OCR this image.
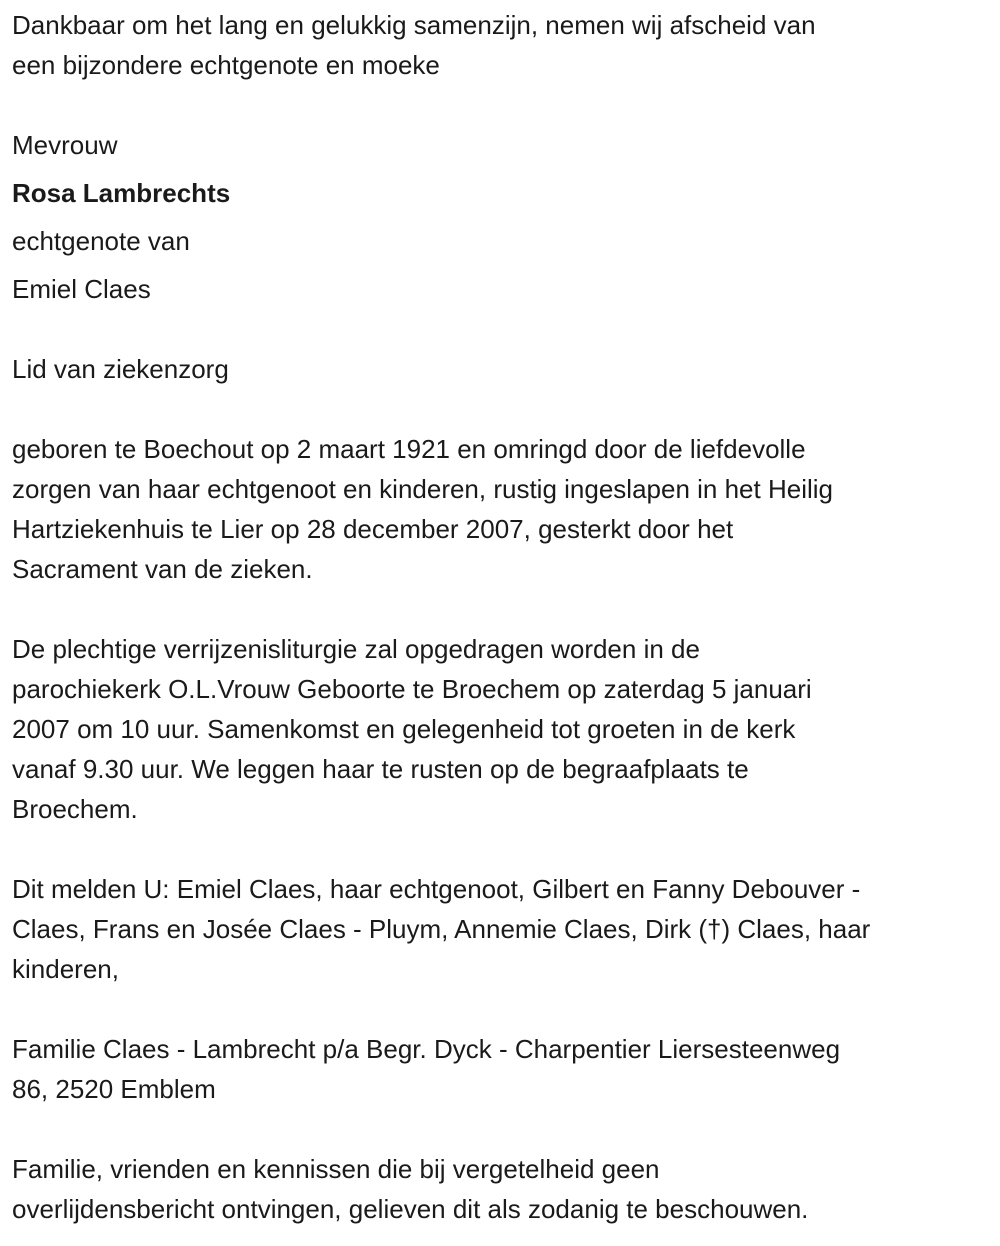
Dankbaar om het lang en gelukkig samenzijn, nemen wij afscheid van
een bijzondere echtgenote en moeke
Mevrouw
Rosa Lambrechts
echtgenote van
Emiel Claes
Lid van ziekenzorg
geboren te Boechout op 2 maart 1921 en omringd door de liefdevolle
zorgen van haar echtgenoot en kinderen, rustig ingeslapen in het Heilig
Hartziekenhuis te Lier op 28 december 2007, gesterkt door het
Sacrament van de zieken.
De plechtige verrijzenisliturgie zal opgedragen worden in de
parochiekerk O.L.Vrouw Geboorte te Broechem op zaterdag 5 januari
2007 om 10 uur. Samenkomst en gelegenheid tot groeten in de kerk
vanaf 9.30 uur. We leggen haar te rusten op de begraafplaats te
Broechem.
Dit melden U: Emiel Claes, haar echtgenoot, Gilbert en Fanny Debouver -
Claes, Frans en Josée Claes - Pluym, Annemie Claes, Dirk (†) Claes, haar
kinderen,
Familie Claes - Lambrecht p/a Begr. Dyck - Charpentier Liersesteenweg
86, 2520 Emblem
Familie, vrienden en kennissen die bij vergetelheid geen
overlijdensbericht ontvingen, gelieven dit als zodanig te beschouwen.
